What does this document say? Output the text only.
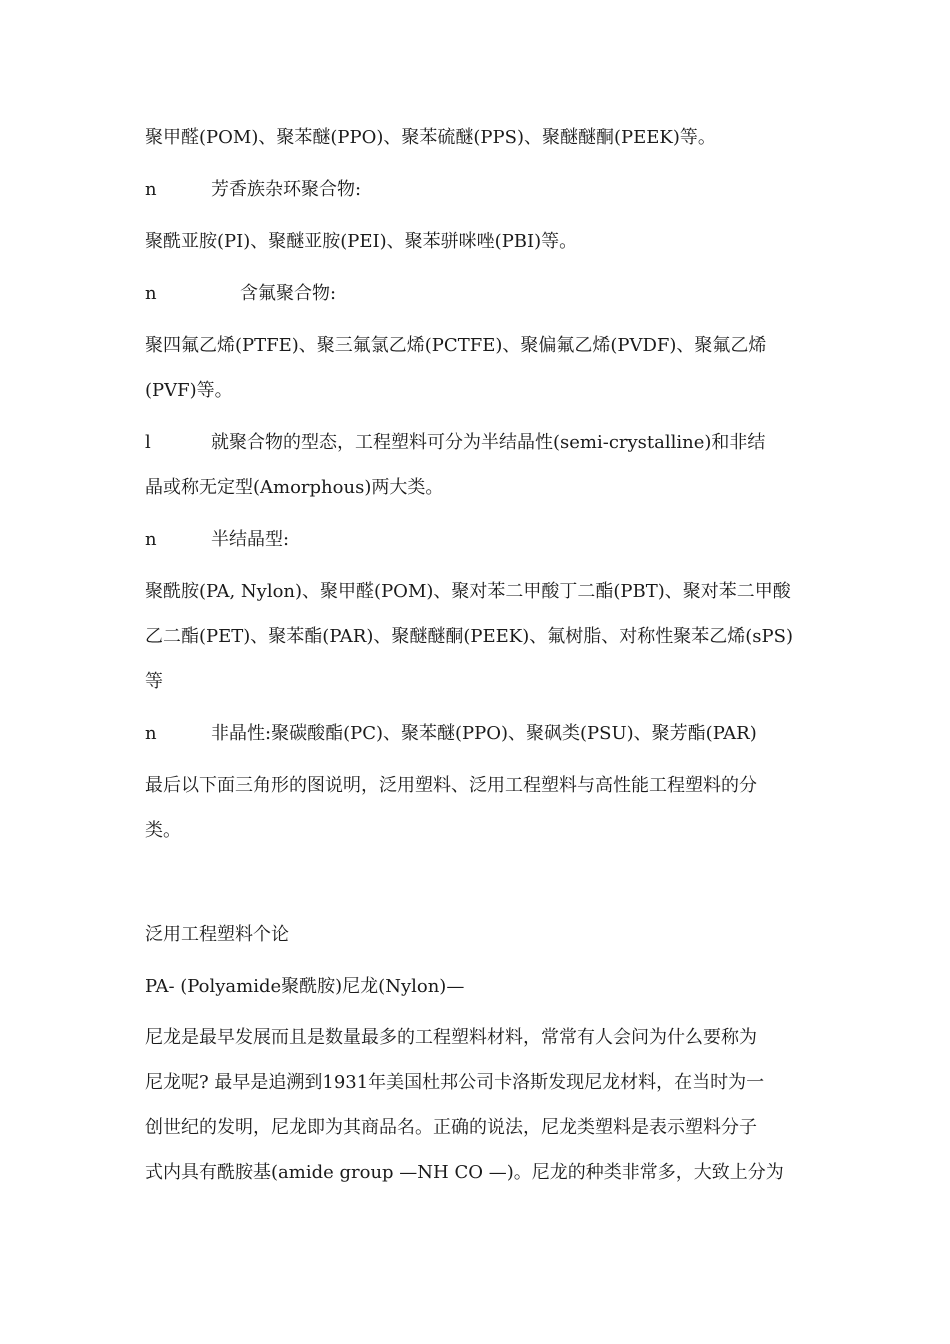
聚甲醛(POM)、聚苯醚(PPO)、聚苯硫醚(PPS)、聚醚醚酮(PEEK)等。
n	芳香族杂环聚合物:
聚酰亚胺(PI)、聚醚亚胺(PEI)、聚苯骈咪唑(PBI)等。
n	含氟聚合物:
聚四氟乙烯(PTFE)、聚三氟氯乙烯(PCTFE)、聚偏氟乙烯(PVDF)、聚氟乙烯
(PVF)等。
l	就聚合物的型态，工程塑料可分为半结晶性(semi-crystalline)和非结
晶或称无定型(Amorphous)两大类。
n	半结晶型:
聚酰胺(PA, Nylon)、聚甲醛(POM)、聚对苯二甲酸丁二酯(PBT)、聚对苯二甲酸
乙二酯(PET)、聚苯酯(PAR)、聚醚醚酮(PEEK)、氟树脂、对称性聚苯乙烯(sPS)
等
n	非晶性:聚碳酸酯(PC)、聚苯醚(PPO)、聚砜类(PSU)、聚芳酯(PAR)
最后以下面三角形的图说明，泛用塑料、泛用工程塑料与高性能工程塑料的分
类。
泛用工程塑料个论
PA- (Polyamide聚酰胺)尼龙(Nylon)—
尼龙是最早发展而且是数量最多的工程塑料材料，常常有人会问为什么要称为
尼龙呢? 最早是追溯到1931年美国杜邦公司卡洛斯发现尼龙材料，在当时为一
创世纪的发明，尼龙即为其商品名。正确的说法，尼龙类塑料是表示塑料分子
式内具有酰胺基(amide group —NH CO —)。尼龙的种类非常多，大致上分为
